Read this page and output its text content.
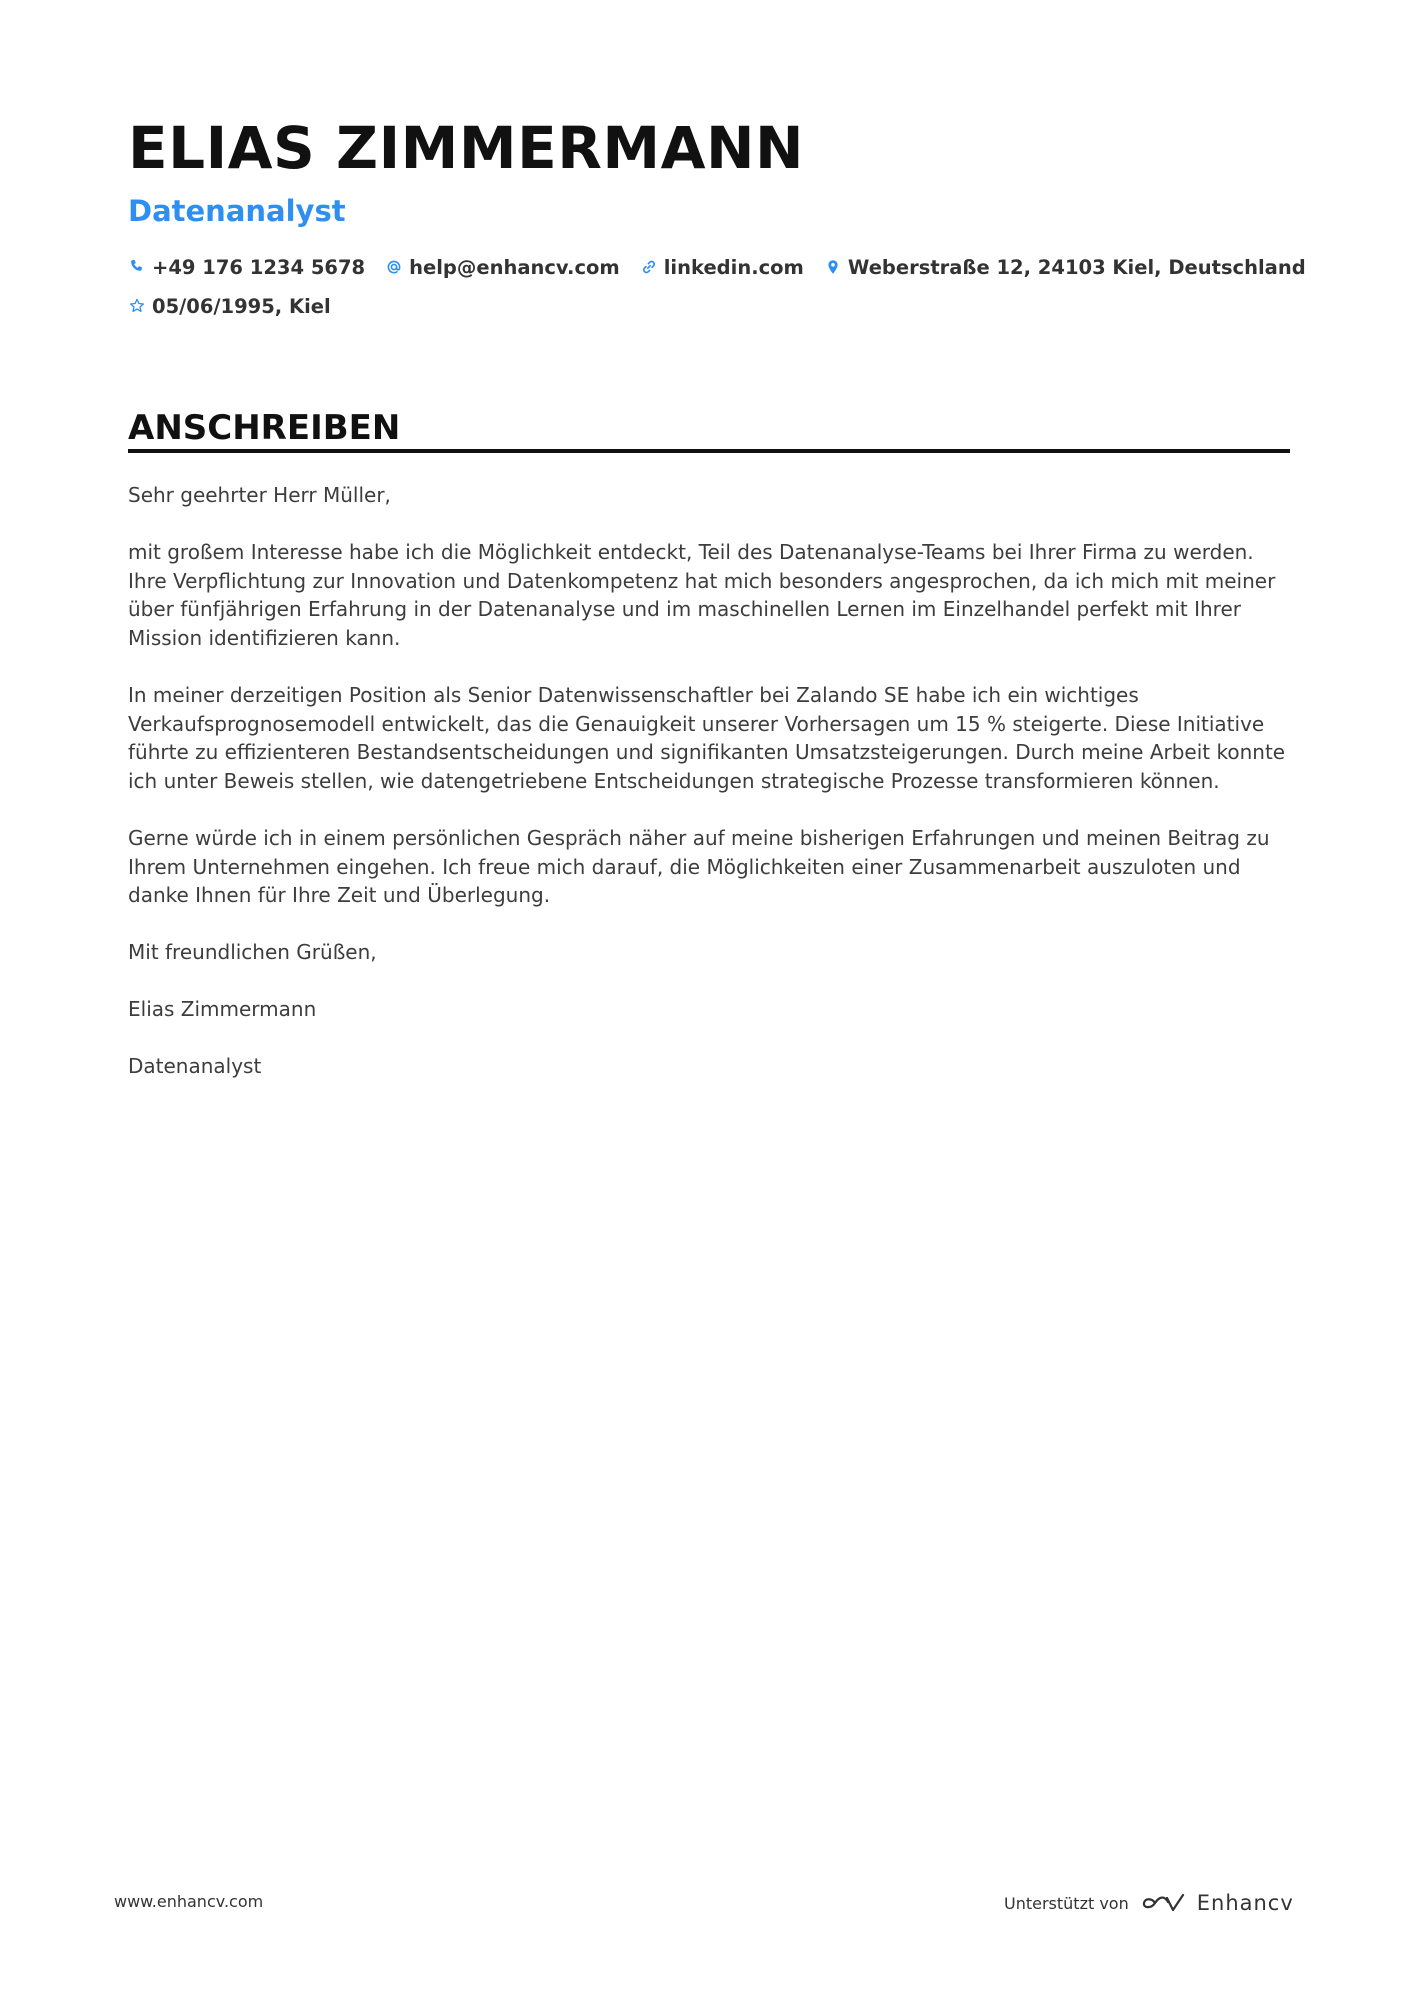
ELIAS ZIMMERMANN
Datenanalyst
+49 176 1234 5678 help@enhancv.com linkedin.com Weberstraße 12, 24103 Kiel, Deutschland
05/06/1995, Kiel
ANSCHREIBEN

Sehr geehrter Herr Müller,

mit großem Interesse habe ich die Möglichkeit entdeckt, Teil des Datenanalyse-Teams bei Ihrer Firma zu werden. Ihre Verpflichtung zur Innovation und Datenkompetenz hat mich besonders angesprochen, da ich mich mit meiner über fünfjährigen Erfahrung in der Datenanalyse und im maschinellen Lernen im Einzelhandel perfekt mit Ihrer Mission identifizieren kann.

In meiner derzeitigen Position als Senior Datenwissenschaftler bei Zalando SE habe ich ein wichtiges Verkaufsprognosemodell entwickelt, das die Genauigkeit unserer Vorhersagen um 15 % steigerte. Diese Initiative führte zu effizienteren Bestandsentscheidungen und signifikanten Umsatzsteigerungen. Durch meine Arbeit konnte ich unter Beweis stellen, wie datengetriebene Entscheidungen strategische Prozesse transformieren können.

Gerne würde ich in einem persönlichen Gespräch näher auf meine bisherigen Erfahrungen und meinen Beitrag zu Ihrem Unternehmen eingehen. Ich freue mich darauf, die Möglichkeiten einer Zusammenarbeit auszuloten und danke Ihnen für Ihre Zeit und Überlegung.

Mit freundlichen Grüßen,

Elias Zimmermann

Datenanalyst

www.enhancv.com	Unterstützt von	Enhancv
